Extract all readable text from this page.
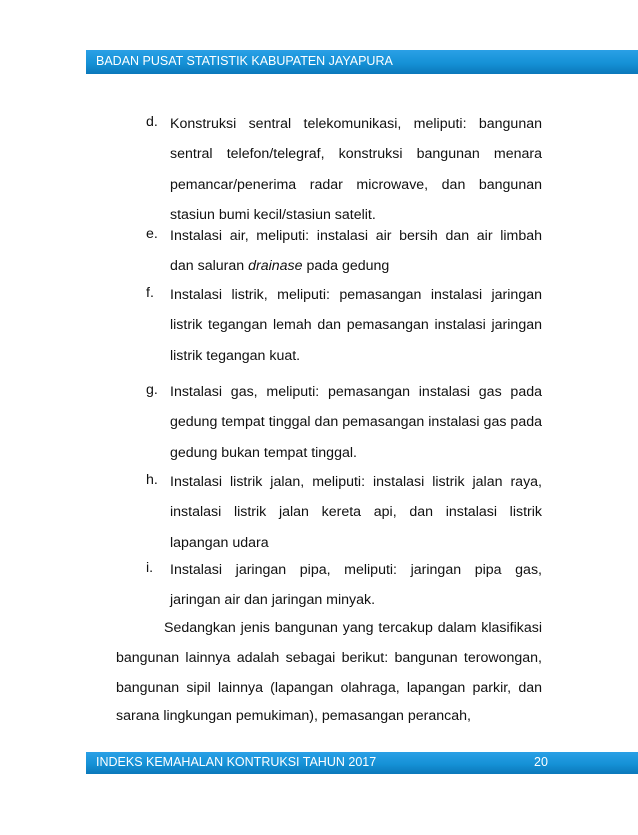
BADAN PUSAT STATISTIK KABUPATEN JAYAPURA
d. Konstruksi sentral telekomunikasi, meliputi: bangunan
sentral telefon/telegraf, konstruksi bangunan menara
pemancar/penerima radar microwave, dan bangunan
stasiun bumi kecil/stasiun satelit.
e. Instalasi air, meliputi: instalasi air bersih dan air limbah
dan saluran drainase pada gedung
f.	Instalasi listrik, meliputi: pemasangan instalasi jaringan
listrik tegangan lemah dan pemasangan instalasi jaringan
listrik tegangan kuat.
g. Instalasi gas, meliputi: pemasangan instalasi gas pada
gedung tempat tinggal dan pemasangan instalasi gas pada
gedung bukan tempat tinggal.
h. Instalasi listrik jalan, meliputi: instalasi listrik jalan raya,
instalasi listrik jalan kereta api, dan instalasi listrik
lapangan udara
i.	Instalasi jaringan pipa, meliputi: jaringan pipa gas,
jaringan air dan jaringan minyak.
Sedangkan jenis bangunan yang tercakup dalam klasifikasi
bangunan lainnya adalah sebagai berikut: bangunan terowongan,
bangunan sipil lainnya (lapangan olahraga, lapangan parkir, dan
sarana lingkungan pemukiman), pemasangan perancah,
INDEKS KEMAHALAN KONTRUKSI TAHUN 2017	20
